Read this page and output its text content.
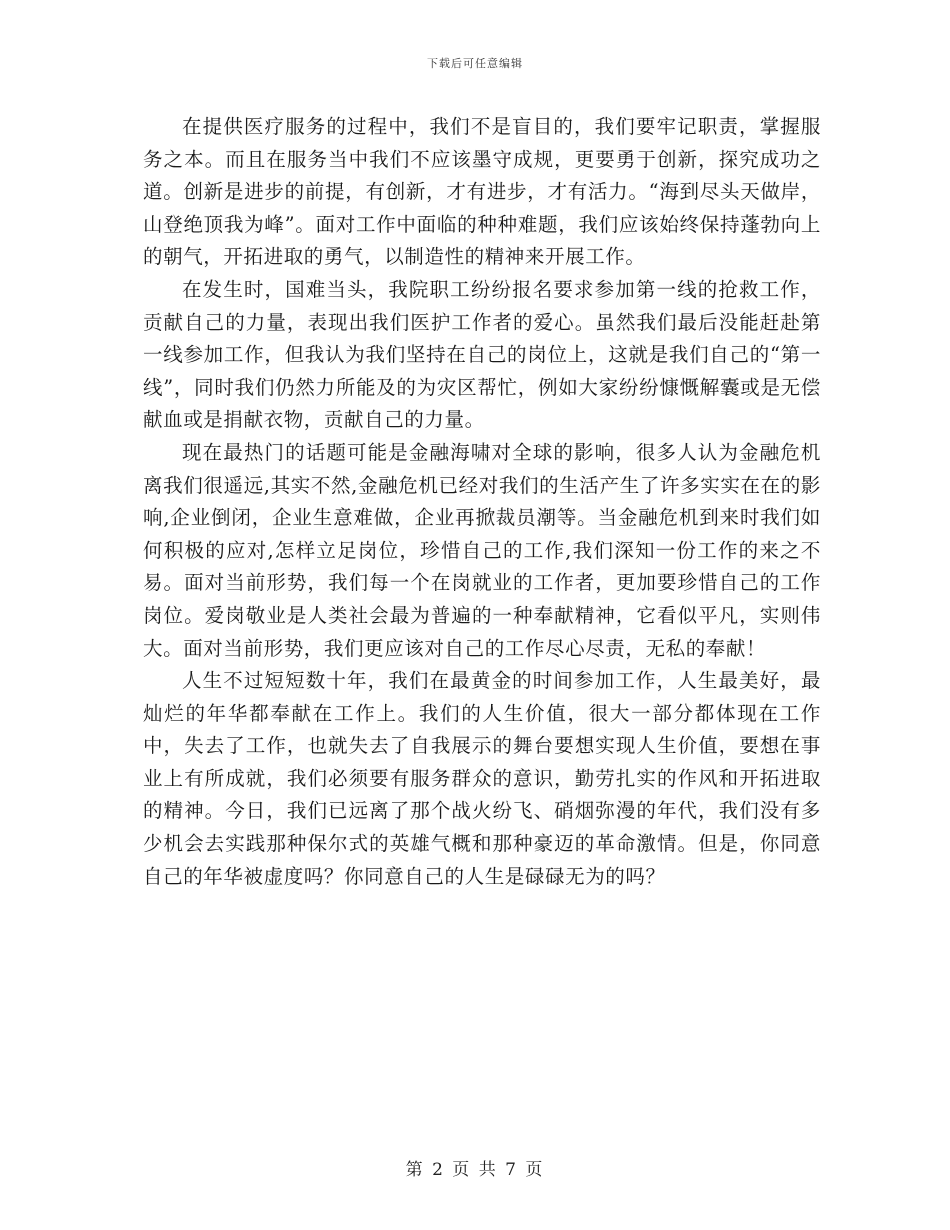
下载后可任意编辑

在提供医疗服务的过程中，我们不是盲目的，我们要牢记职责，掌握服务之本。而且在服务当中我们不应该墨守成规，更要勇于创新，探究成功之道。创新是进步的前提，有创新，才有进步，才有活力。“海到尽头天做岸，山登绝顶我为峰”。面对工作中面临的种种难题，我们应该始终保持蓬勃向上的朝气，开拓进取的勇气，以制造性的精神来开展工作。

在发生时，国难当头，我院职工纷纷报名要求参加第一线的抢救工作，贡献自己的力量，表现出我们医护工作者的爱心。虽然我们最后没能赶赴第一线参加工作，但我认为我们坚持在自己的岗位上，这就是我们自己的“第一线”，同时我们仍然力所能及的为灾区帮忙，例如大家纷纷慷慨解囊或是无偿献血或是捐献衣物，贡献自己的力量。

现在最热门的话题可能是金融海啸对全球的影响，很多人认为金融危机离我们很遥远,其实不然,金融危机已经对我们的生活产生了许多实实在在的影响,企业倒闭，企业生意难做，企业再掀裁员潮等。当金融危机到来时我们如何积极的应对,怎样立足岗位，珍惜自己的工作,我们深知一份工作的来之不易。面对当前形势，我们每一个在岗就业的工作者，更加要珍惜自己的工作岗位。爱岗敬业是人类社会最为普遍的一种奉献精神，它看似平凡，实则伟大。面对当前形势，我们更应该对自己的工作尽心尽责，无私的奉献！

人生不过短短数十年，我们在最黄金的时间参加工作，人生最美好，最灿烂的年华都奉献在工作上。我们的人生价值，很大一部分都体现在工作中，失去了工作，也就失去了自我展示的舞台要想实现人生价值，要想在事业上有所成就，我们必须要有服务群众的意识，勤劳扎实的作风和开拓进取的精神。今日，我们已远离了那个战火纷飞、硝烟弥漫的年代，我们没有多少机会去实践那种保尔式的英雄气概和那种豪迈的革命激情。但是，你同意自己的年华被虚度吗？你同意自己的人生是碌碌无为的吗？

第 2 页 共 7 页
